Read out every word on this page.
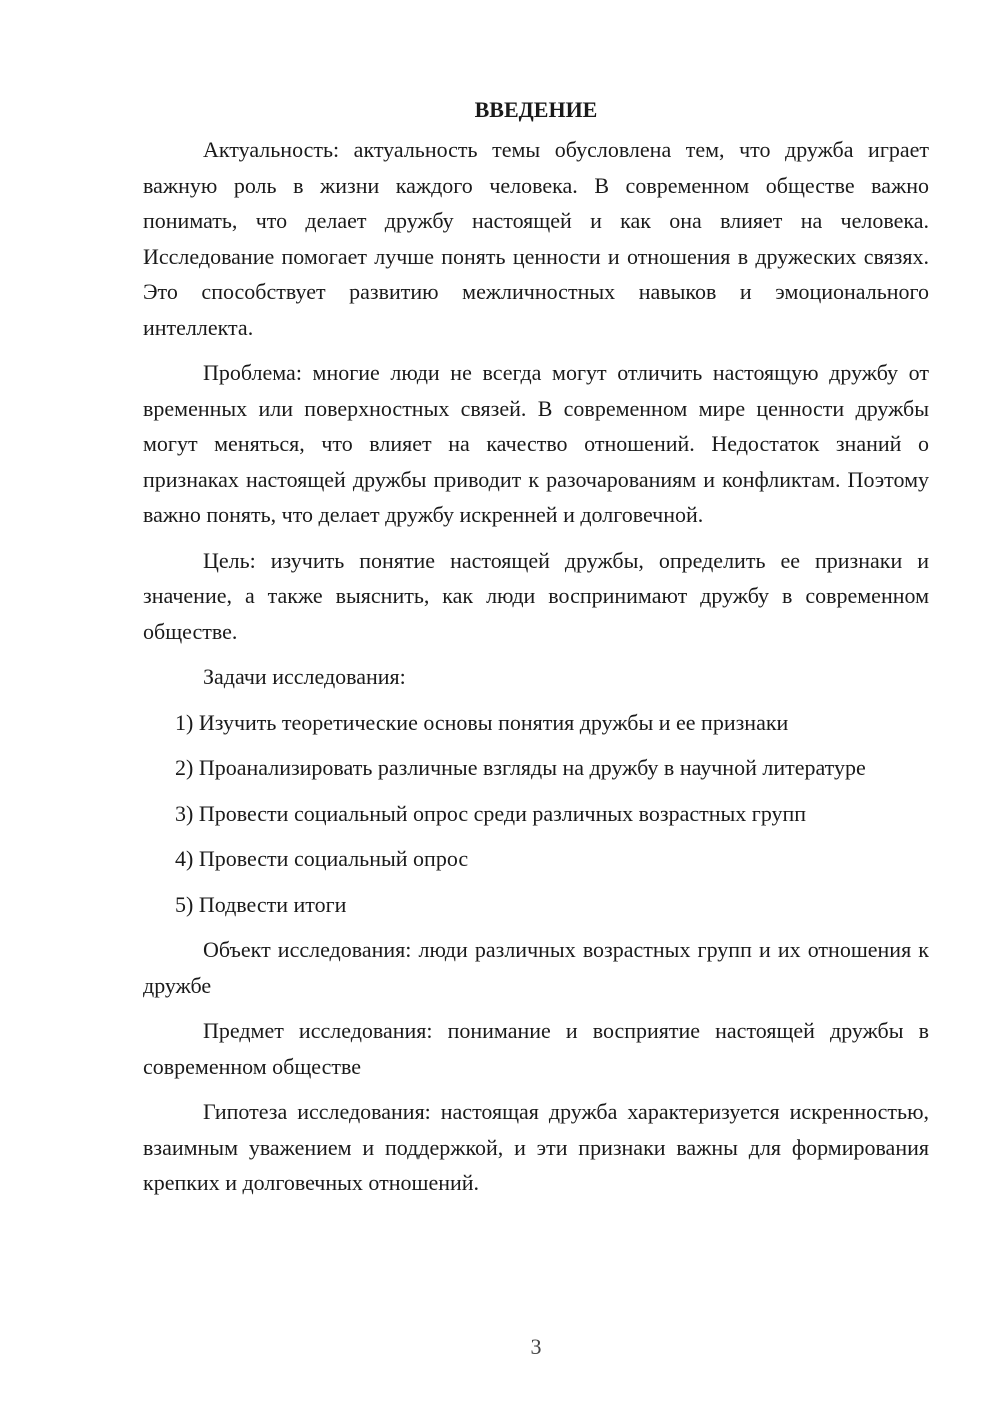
ВВЕДЕНИЕ

Актуальность: актуальность темы обусловлена тем, что дружба играет важную роль в жизни каждого человека. В современном обществе важно понимать, что делает дружбу настоящей и как она влияет на человека. Исследование помогает лучше понять ценности и отношения в дружеских связях. Это способствует развитию межличностных навыков и эмоционального интеллекта.

Проблема: многие люди не всегда могут отличить настоящую дружбу от временных или поверхностных связей. В современном мире ценности дружбы могут меняться, что влияет на качество отношений. Недостаток знаний о признаках настоящей дружбы приводит к разочарованиям и конфликтам. Поэтому важно понять, что делает дружбу искренней и долговечной.

Цель: изучить понятие настоящей дружбы, определить ее признаки и значение, а также выяснить, как люди воспринимают дружбу в современном обществе.

Задачи исследования:

1) Изучить теоретические основы понятия дружбы и ее признаки

2) Проанализировать различные взгляды на дружбу в научной литературе

3) Провести социальный опрос среди различных возрастных групп

4) Провести социальный опрос

5) Подвести итоги

Объект исследования: люди различных возрастных групп и их отношения к дружбе

Предмет исследования: понимание и восприятие настоящей дружбы в современном обществе

Гипотеза исследования: настоящая дружба характеризуется искренностью, взаимным уважением и поддержкой, и эти признаки важны для формирования крепких и долговечных отношений.

3
